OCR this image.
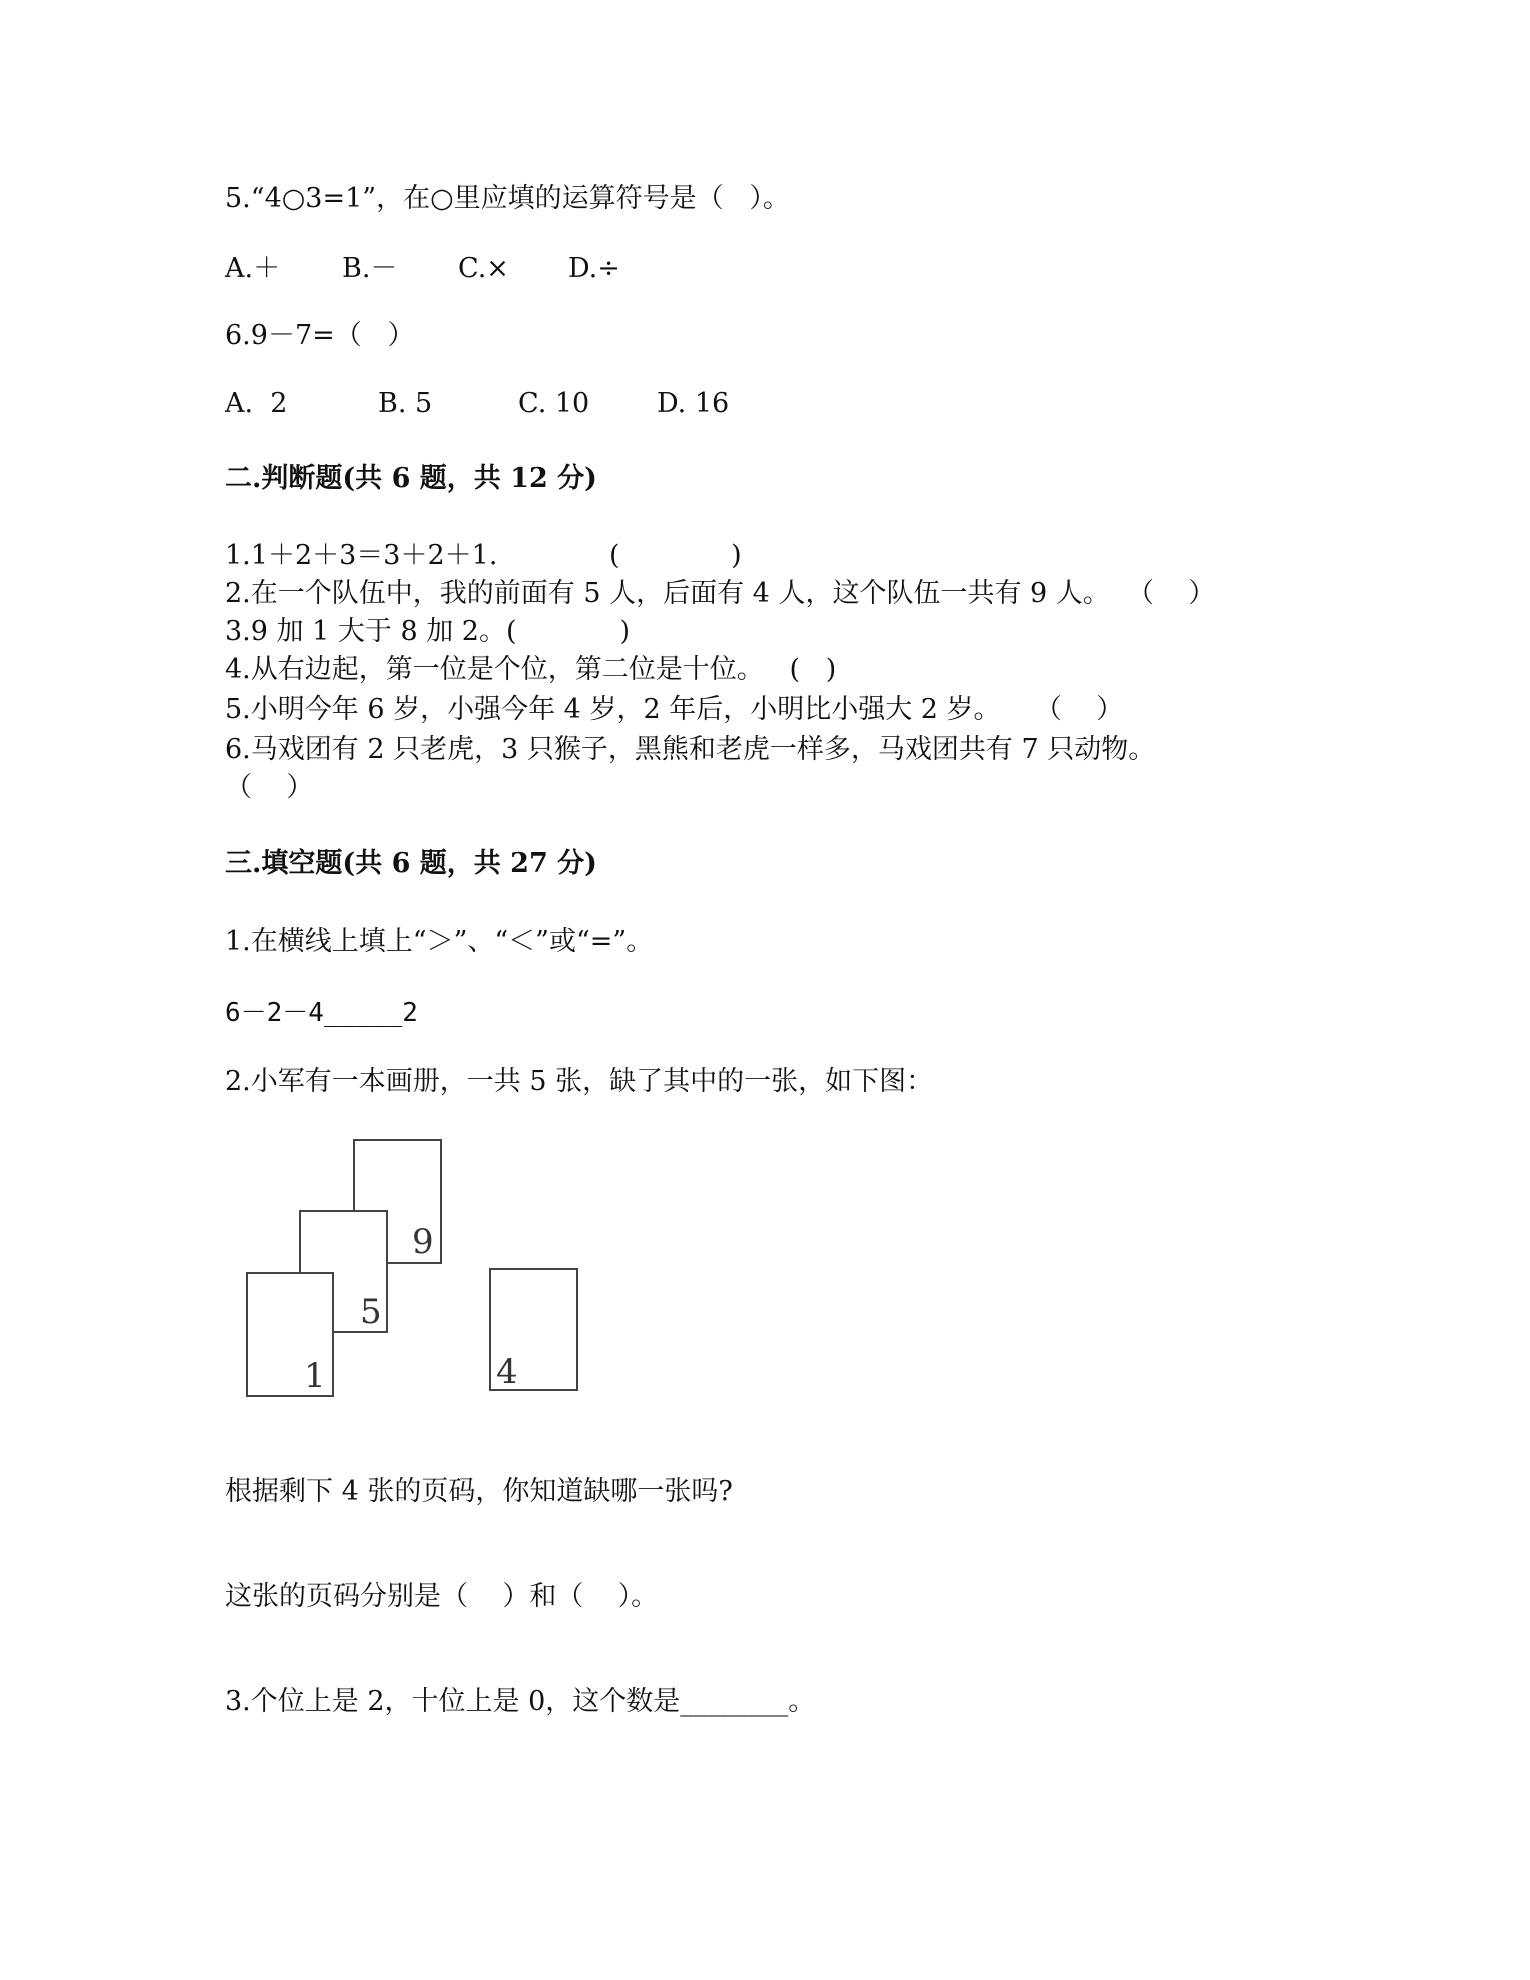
5.“4○3=1”，在○里应填的运算符号是（   ）。
A.＋ B.－ C.× D.÷
6.9－7=（   ）
A.  2	B. 5	C. 10	D. 16
二.判断题(共 6 题，共 12 分)
1.1＋2＋3＝3＋2＋1.             (             )
2.在一个队伍中，我的前面有 5 人，后面有 4 人，这个队伍一共有 9 人。  （    ）
3.9 加 1 大于 8 加 2。(            )
4.从右边起，第一位是个位，第二位是十位。   (   )
5.小明今年 6 岁，小强今年 4 岁，2 年后，小明比小强大 2 岁。    （    ）
6.马戏团有 2 只老虎，3 只猴子，黑熊和老虎一样多，马戏团共有 7 只动物。
（    ）
三.填空题(共 6 题，共 27 分)
1.在横线上填上“＞”、“＜”或“=”。
6－2－4_____2
2.小军有一本画册，一共 5 张，缺了其中的一张，如下图：
9
5
1	4
根据剩下 4 张的页码，你知道缺哪一张吗?
这张的页码分别是（    ）和（    ）。
3.个位上是 2，十位上是 0，这个数是________。
